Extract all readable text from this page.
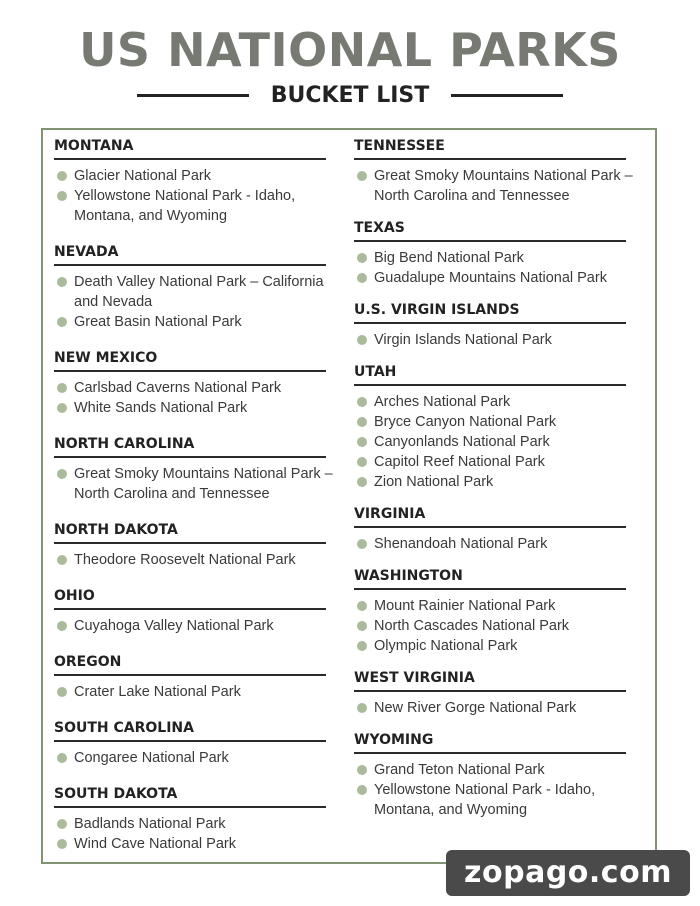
US NATIONAL PARKS
BUCKET LIST
MONTANA
Glacier National Park
Yellowstone National Park - Idaho, Montana, and Wyoming
NEVADA
Death Valley National Park – California and Nevada
Great Basin National Park
NEW MEXICO
Carlsbad Caverns National Park
White Sands National Park
NORTH CAROLINA
Great Smoky Mountains National Park – North Carolina and Tennessee
NORTH DAKOTA
Theodore Roosevelt National Park
OHIO
Cuyahoga Valley National Park
OREGON
Crater Lake National Park
SOUTH CAROLINA
Congaree National Park
SOUTH DAKOTA
Badlands National Park
Wind Cave National Park
TENNESSEE
Great Smoky Mountains National Park – North Carolina and Tennessee
TEXAS
Big Bend National Park
Guadalupe Mountains National Park
U.S. VIRGIN ISLANDS
Virgin Islands National Park
UTAH
Arches National Park
Bryce Canyon National Park
Canyonlands National Park
Capitol Reef National Park
Zion National Park
VIRGINIA
Shenandoah National Park
WASHINGTON
Mount Rainier National Park
North Cascades National Park
Olympic National Park
WEST VIRGINIA
New River Gorge National Park
WYOMING
Grand Teton National Park
Yellowstone National Park - Idaho, Montana, and Wyoming
zopago.com
